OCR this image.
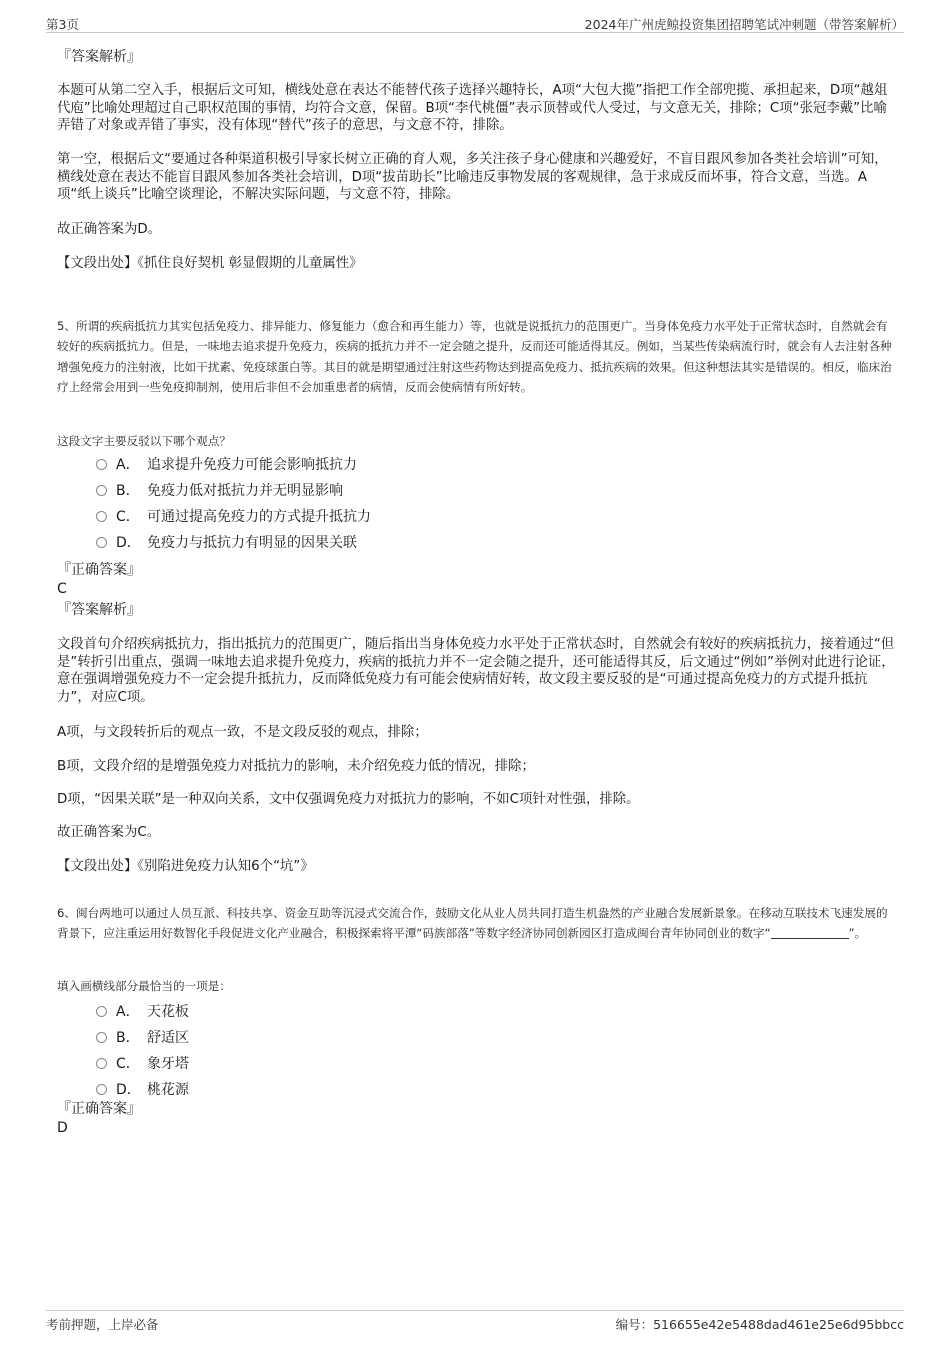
第3页	2024年广州虎鲸投资集团招聘笔试冲刺题（带答案解析）
『答案解析』

本题可从第二空入手，根据后文可知，横线处意在表达不能替代孩子选择兴趣特长，A项“大包大揽”指把工作全部兜揽、承担起来，D项“越俎代庖”比喻处理超过自己职权范围的事情，均符合文意，保留。B项“李代桃僵”表示顶替或代人受过，与文意无关，排除；C项“张冠李戴”比喻弄错了对象或弄错了事实，没有体现“替代”孩子的意思，与文意不符，排除。

第一空，根据后文“要通过各种渠道积极引导家长树立正确的育人观，多关注孩子身心健康和兴趣爱好，不盲目跟风参加各类社会培训”可知，横线处意在表达不能盲目跟风参加各类社会培训，D项“拔苗助长”比喻违反事物发展的客观规律，急于求成反而坏事，符合文意，当选。A项“纸上谈兵”比喻空谈理论，不解决实际问题，与文意不符，排除。

故正确答案为D。

【文段出处】《抓住良好契机 彰显假期的儿童属性》

5、所谓的疾病抵抗力其实包括免疫力、排异能力、修复能力（愈合和再生能力）等，也就是说抵抗力的范围更广。当身体免疫力水平处于正常状态时，自然就会有较好的疾病抵抗力。但是，一味地去追求提升免疫力，疾病的抵抗力并不一定会随之提升，反而还可能适得其反。例如，当某些传染病流行时，就会有人去注射各种增强免疫力的注射液，比如干扰素、免疫球蛋白等。其目的就是期望通过注射这些药物达到提高免疫力、抵抗疾病的效果。但这种想法其实是错误的。相反，临床治疗上经常会用到一些免疫抑制剂，使用后非但不会加重患者的病情，反而会使病情有所好转。

这段文字主要反驳以下哪个观点？

A． 追求提升免疫力可能会影响抵抗力
B． 免疫力低对抵抗力并无明显影响
C． 可通过提高免疫力的方式提升抵抗力
D． 免疫力与抵抗力有明显的因果关联
『正确答案』
C
『答案解析』

文段首句介绍疾病抵抗力，指出抵抗力的范围更广，随后指出当身体免疫力水平处于正常状态时，自然就会有较好的疾病抵抗力，接着通过“但是”转折引出重点，强调一味地去追求提升免疫力，疾病的抵抗力并不一定会随之提升，还可能适得其反，后文通过“例如”举例对此进行论证，意在强调增强免疫力不一定会提升抵抗力，反而降低免疫力有可能会使病情好转，故文段主要反驳的是“可通过提高免疫力的方式提升抵抗力”，对应C项。

A项，与文段转折后的观点一致，不是文段反驳的观点，排除；

B项，文段介绍的是增强免疫力对抵抗力的影响，未介绍免疫力低的情况，排除；

D项，“因果关联”是一种双向关系，文中仅强调免疫力对抵抗力的影响，不如C项针对性强，排除。

故正确答案为C。

【文段出处】《别陷进免疫力认知6个“坑”》

6、闽台两地可以通过人员互派、科技共享、资金互助等沉浸式交流合作，鼓励文化从业人员共同打造生机盎然的产业融合发展新景象。在移动互联技术飞速发展的背景下，应注重运用好数智化手段促进文化产业融合，积极探索将平潭“码族部落”等数字经济协同创新园区打造成闽台青年协同创业的数字“	”。

填入画横线部分最恰当的一项是：

A． 天花板
B． 舒适区
C． 象牙塔
D． 桃花源
『正确答案』
D
考前押题，上岸必备	编号：516655e42e5488dad461e25e6d95bbcc
